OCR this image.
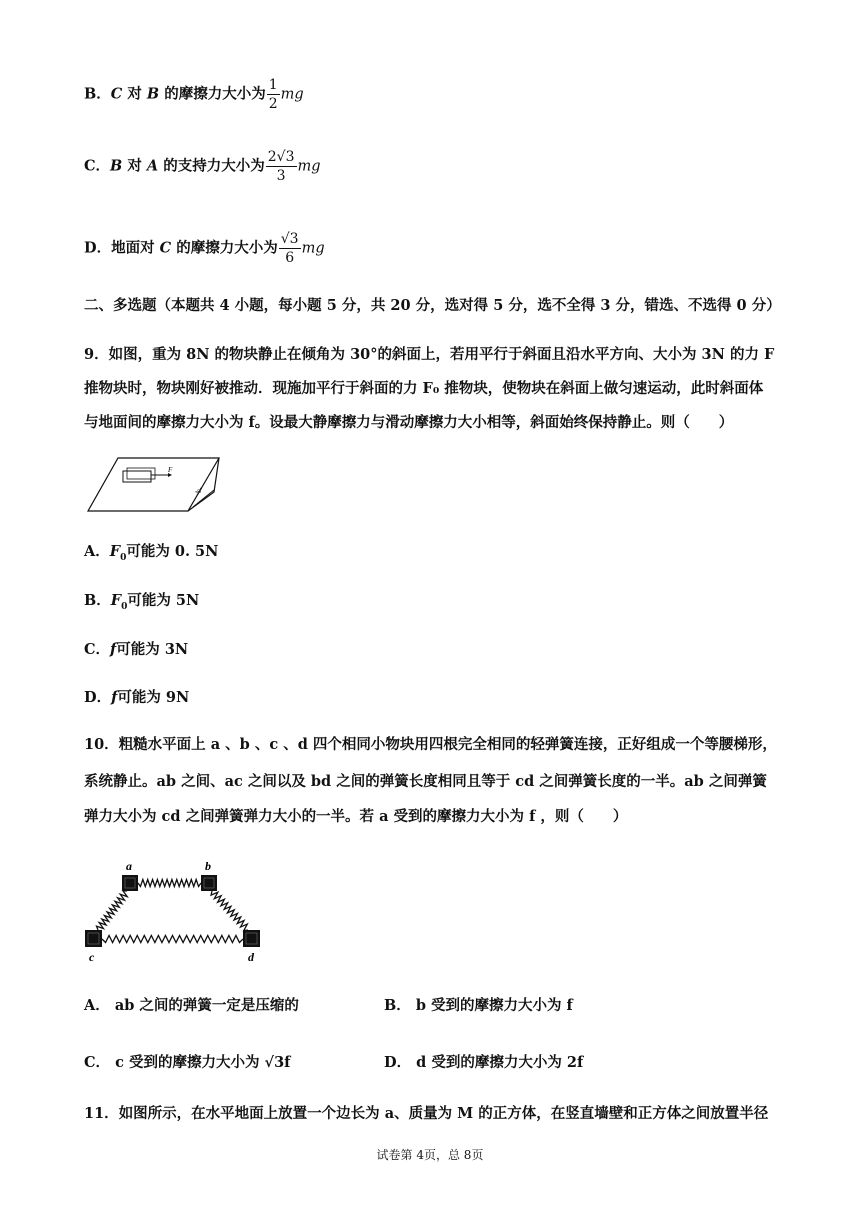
B．C 对 B 的摩擦力大小为 $\frac{1}{2}$ mg
C．B 对 A 的支持力大小为 $\frac{2√3}{3}$ mg
D．地面对 C 的摩擦力大小为 $\frac{√3}{6}$ mg
二、多选题（本题共 4 小题，每小题 5 分，共 20 分，选对得 5 分，选不全得 3 分，错选、不选得 0 分）
9．如图，重为 8N 的物块静止在倾角为 30°的斜面上，若用平行于斜面且沿水平方向、大小为 3N 的力 F 推物块时，物块刚好被推动．现施加平行于斜面的力 F₀ 推物块，使物块在斜面上做匀速运动，此时斜面体与地面间的摩擦力大小为 f。设最大静摩擦力与滑动摩擦力大小相等，斜面始终保持静止。则（　　）
F
30°
A．$F_0$可能为 0. 5N
B．$F_0$可能为 5N
C．f可能为 3N
D．f可能为 9N
10．粗糙水平面上 a 、b 、c 、d 四个相同小物块用四根完全相同的轻弹簧连接，正好组成一个等腰梯形，
系统静止。ab 之间、ac 之间以及 bd 之间的弹簧长度相同且等于 cd 之间弹簧长度的一半。ab 之间弹簧
弹力大小为 cd 之间弹簧弹力大小的一半。若 a 受到的摩擦力大小为 f ，则（　　）
a	b
c	d
A． ab 之间的弹簧一定是压缩的	B． b 受到的摩擦力大小为 f
C． c 受到的摩擦力大小为 √3f	D． d 受到的摩擦力大小为 2f
11．如图所示，在水平地面上放置一个边长为 a、质量为 M 的正方体，在竖直墙壁和正方体之间放置半径
试卷第 4页，总 8页
